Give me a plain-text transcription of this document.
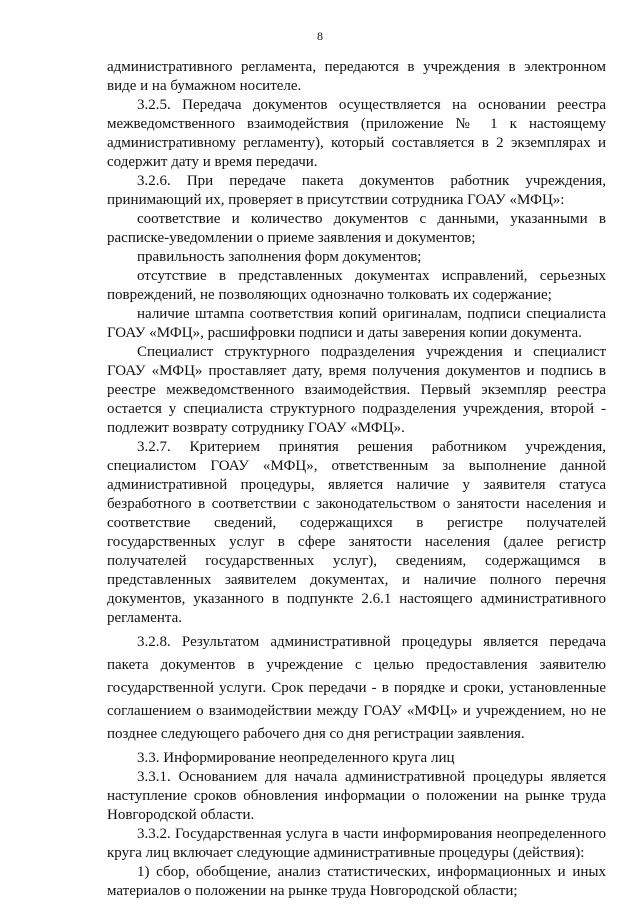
8

административного регламента, передаются в учреждения в электронном виде и на бумажном носителе.

3.2.5. Передача документов осуществляется на основании реестра межведомственного взаимодействия (приложение № 1 к настоящему административному регламенту), который составляется в 2 экземплярах и содержит дату и время передачи.

3.2.6. При передаче пакета документов работник учреждения, принимающий их, проверяет в присутствии сотрудника ГОАУ «МФЦ»:

соответствие и количество документов с данными, указанными в расписке-уведомлении о приеме заявления и документов;

правильность заполнения форм документов;

отсутствие в представленных документах исправлений, серьезных повреждений, не позволяющих однозначно толковать их содержание;

наличие штампа соответствия копий оригиналам, подписи специалиста ГОАУ «МФЦ», расшифровки подписи и даты заверения копии документа.

Специалист структурного подразделения учреждения и специалист ГОАУ «МФЦ» проставляет дату, время получения документов и подпись в реестре межведомственного взаимодействия. Первый экземпляр реестра остается у специалиста структурного подразделения учреждения, второй - подлежит возврату сотруднику ГОАУ «МФЦ».

3.2.7. Критерием принятия решения работником учреждения, специалистом ГОАУ «МФЦ», ответственным за выполнение данной административной процедуры, является наличие у заявителя статуса безработного в соответствии с законодательством о занятости населения и соответствие сведений, содержащихся в регистре получателей государственных услуг в сфере занятости населения (далее регистр получателей государственных услуг), сведениям, содержащимся в представленных заявителем документах, и наличие полного перечня документов, указанного в подпункте 2.6.1 настоящего административного регламента.

3.2.8. Результатом административной процедуры является передача пакета документов в учреждение с целью предоставления заявителю государственной услуги. Срок передачи - в порядке и сроки, установленные соглашением о взаимодействии между ГОАУ «МФЦ» и учреждением, но не позднее следующего рабочего дня со дня регистрации заявления.

3.3. Информирование неопределенного круга лиц

3.3.1. Основанием для начала административной процедуры является наступление сроков обновления информации о положении на рынке труда Новгородской области.

3.3.2. Государственная услуга в части информирования неопределенного круга лиц включает следующие административные процедуры (действия):

1) сбор, обобщение, анализ статистических, информационных и иных материалов о положении на рынке труда Новгородской области;
